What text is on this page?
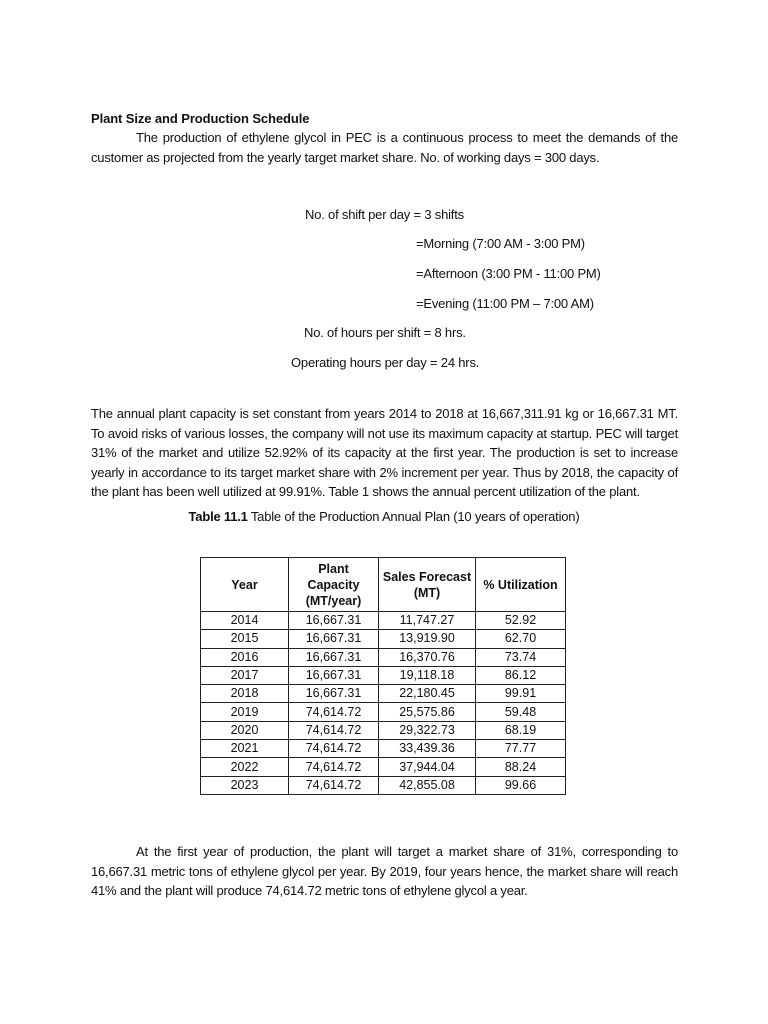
Plant Size and Production Schedule
The production of ethylene glycol in PEC is a continuous process to meet the demands of the customer as projected from the yearly target market share. No. of working days = 300 days.
No. of shift per day = 3 shifts
=Morning (7:00 AM - 3:00 PM)
=Afternoon (3:00 PM - 11:00 PM)
=Evening (11:00 PM – 7:00 AM)
No. of hours per shift = 8 hrs.
Operating hours per day = 24 hrs.
The annual plant capacity is set constant from years 2014 to 2018 at 16,667,311.91 kg or 16,667.31 MT. To avoid risks of various losses, the company will not use its maximum capacity at startup. PEC will target 31% of the market and utilize 52.92% of its capacity at the first year. The production is set to increase yearly in accordance to its target market share with 2% increment per year. Thus by 2018, the capacity of the plant has been well utilized at 99.91%. Table 1 shows the annual percent utilization of the plant.
Table 11.1 Table of the Production Annual Plan (10 years of operation)
Year	Plant Capacity (MT/year)	Sales Forecast (MT)	% Utilization
2014	16,667.31	11,747.27	52.92
2015	16,667.31	13,919.90	62.70
2016	16,667.31	16,370.76	73.74
2017	16,667.31	19,118.18	86.12
2018	16,667.31	22,180.45	99.91
2019	74,614.72	25,575.86	59.48
2020	74,614.72	29,322.73	68.19
2021	74,614.72	33,439.36	77.77
2022	74,614.72	37,944.04	88.24
2023	74,614.72	42,855.08	99.66
At the first year of production, the plant will target a market share of 31%, corresponding to 16,667.31 metric tons of ethylene glycol per year. By 2019, four years hence, the market share will reach 41% and the plant will produce 74,614.72 metric tons of ethylene glycol a year.
